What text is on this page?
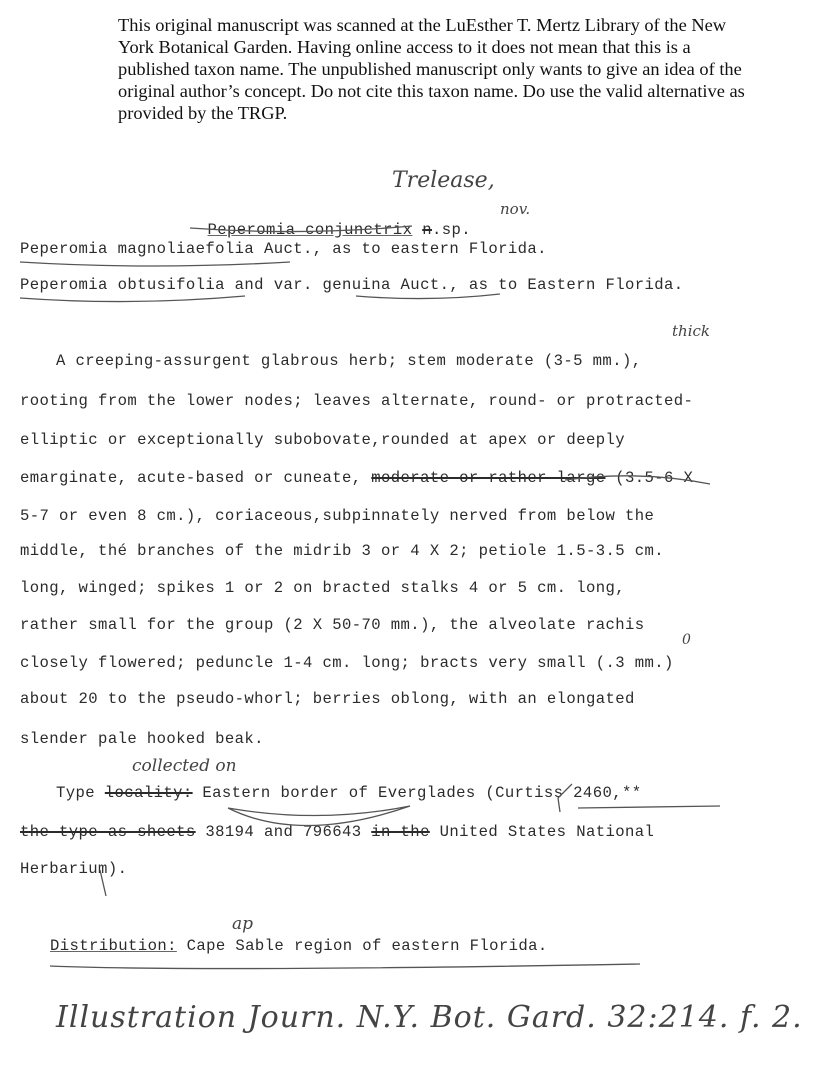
This original manuscript was scanned at the LuEsther T. Mertz Library of the New York Botanical Garden. Having online access to it does not mean that this is a published taxon name. The unpublished manuscript only wants to give an idea of the original author’s concept. Do not cite this taxon name. Do use the valid alternative as provided by the TRGP.
Trelease,

Peperomia conjunctrix n.sp.

nov.
Peperomia magnoliaefolia Auct., as to eastern Florida.
Peperomia obtusifolia and var. genuina Auct., as to Eastern Florida.
thick
A creeping-assurgent glabrous herb; stem moderate (3-5 mm.),
rooting from the lower nodes; leaves alternate, round- or protracted-
elliptic or exceptionally subobovate,rounded at apex or deeply
emarginate, acute-based or cuneate, moderate or rather large (3.5-6 X
5-7 or even 8 cm.), coriaceous,subpinnately nerved from below the
middle, thé branches of the midrib 3 or 4 X 2; petiole 1.5-3.5 cm.
long, winged; spikes 1 or 2 on bracted stalks 4 or 5 cm. long,
rather small for the group (2 X 50-70 mm.), the alveolate rachis
0
closely flowered; peduncle 1-4 cm. long; bracts very small (.3 mm.)
about 20 to the pseudo-whorl; berries oblong, with an elongated
slender pale hooked beak.
collected on
Type locality: Eastern border of Everglades (Curtiss 2460,**
the type as sheets 38194 and 796643 in the United States National
Herbarium).
ap
Distribution: Cape Sable region of eastern Florida.
Illustration Journ. N.Y. Bot. Gard. 32:214. f. 2.
